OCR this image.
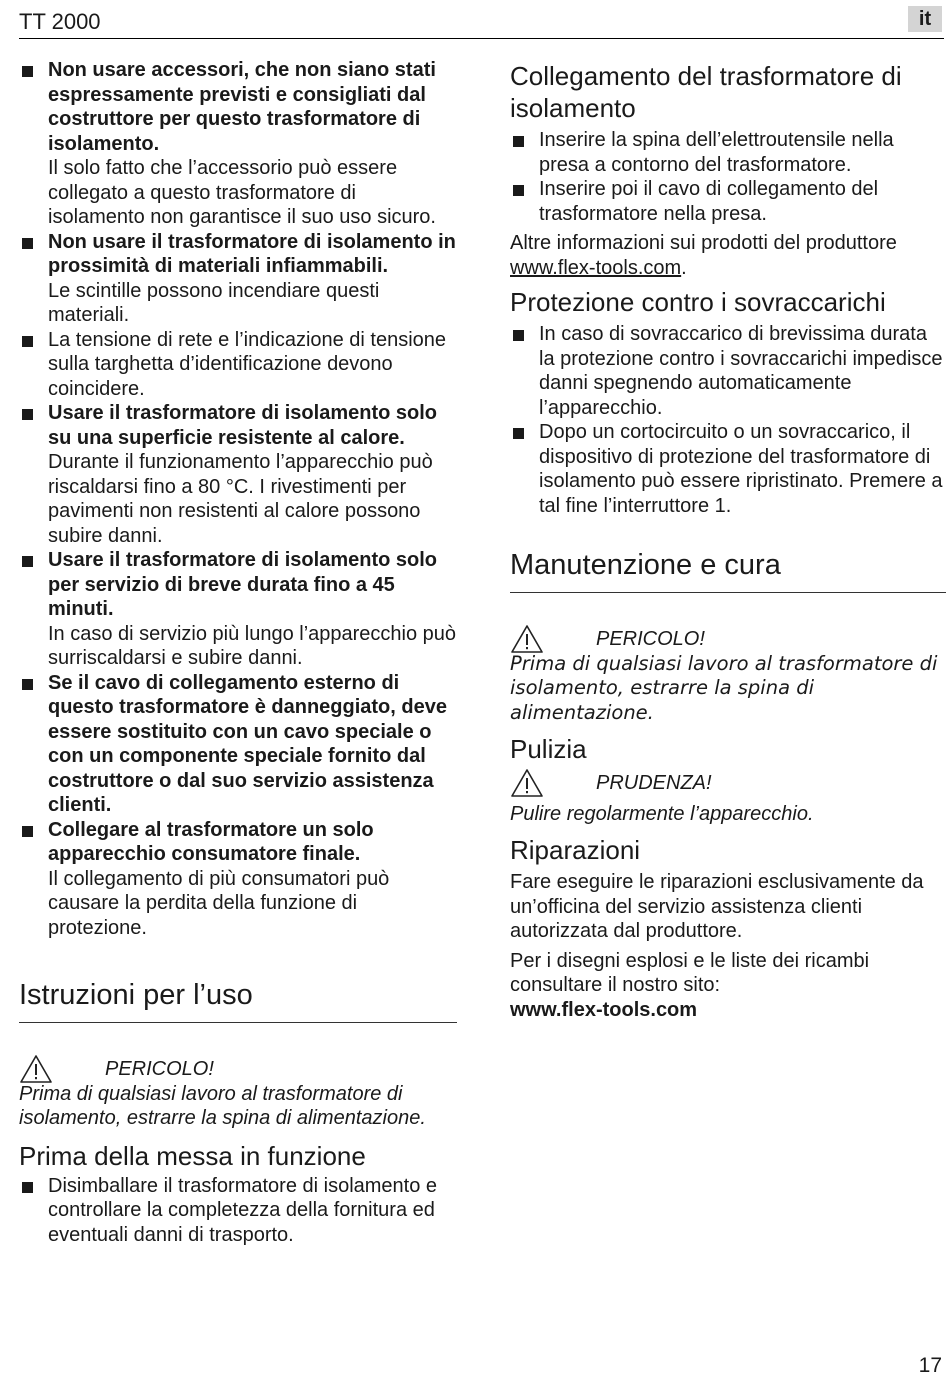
TT 2000	it
Non usare accessori, che non siano stati espressamente previsti e consigliati dal costruttore per questo trasformatore di isolamento.
Il solo fatto che l’accessorio può essere collegato a questo trasformatore di isolamento non garantisce il suo uso sicuro.
Non usare il trasformatore di isolamento in prossimità di materiali infiammabili.
Le scintille possono incendiare questi materiali.
La tensione di rete e l’indicazione di tensione sulla targhetta d’identificazione devono coincidere.
Usare il trasformatore di isolamento solo su una superficie resistente al calore.
Durante il funzionamento l’apparecchio può riscaldarsi fino a 80 °C. I rivestimenti per pavimenti non resistenti al calore possono subire danni.
Usare il trasformatore di isolamento solo per servizio di breve durata fino a 45 minuti.
In caso di servizio più lungo l’apparecchio può surriscaldarsi e subire danni.
Se il cavo di collegamento esterno di questo trasformatore è danneggiato, deve essere sostituito con un cavo speciale o con un componente speciale fornito dal costruttore o dal suo servizio assistenza clienti.
Collegare al trasformatore un solo apparecchio consumatore finale.
Il collegamento di più consumatori può causare la perdita della funzione di protezione.
Istruzioni per l’uso
PERICOLO!

Prima di qualsiasi lavoro al trasformatore di isolamento, estrarre la spina di alimentazione.

Prima della messa in funzione
Disimballare il trasformatore di isolamento e controllare la completezza della fornitura ed eventuali danni di trasporto.
Collegamento del trasformatore di isolamento
Inserire la spina dell’elettroutensile nella presa a contorno del trasformatore.
Inserire poi il cavo di collegamento del trasformatore nella presa.

Altre informazioni sui prodotti del produttore www.flex-tools.com.

Protezione contro i sovraccarichi
In caso di sovraccarico di brevissima durata la protezione contro i sovraccarichi impedisce danni spegnendo automaticamente l’apparecchio.
Dopo un cortocircuito o un sovraccarico, il dispositivo di protezione del trasformatore di isolamento può essere ripristinato. Premere a tal fine l’interruttore 1.
Manutenzione e cura
PERICOLO!

Prima di qualsiasi lavoro al trasformatore di isolamento, estrarre la spina di alimentazione.

Pulizia
PRUDENZA!

Pulire regolarmente l’apparecchio.

Riparazioni

Fare eseguire le riparazioni esclusivamente da un’officina del servizio assistenza clienti autorizzata dal produttore.

Per i disegni esplosi e le liste dei ricambi consultare il nostro sito:

www.flex-tools.com

17
